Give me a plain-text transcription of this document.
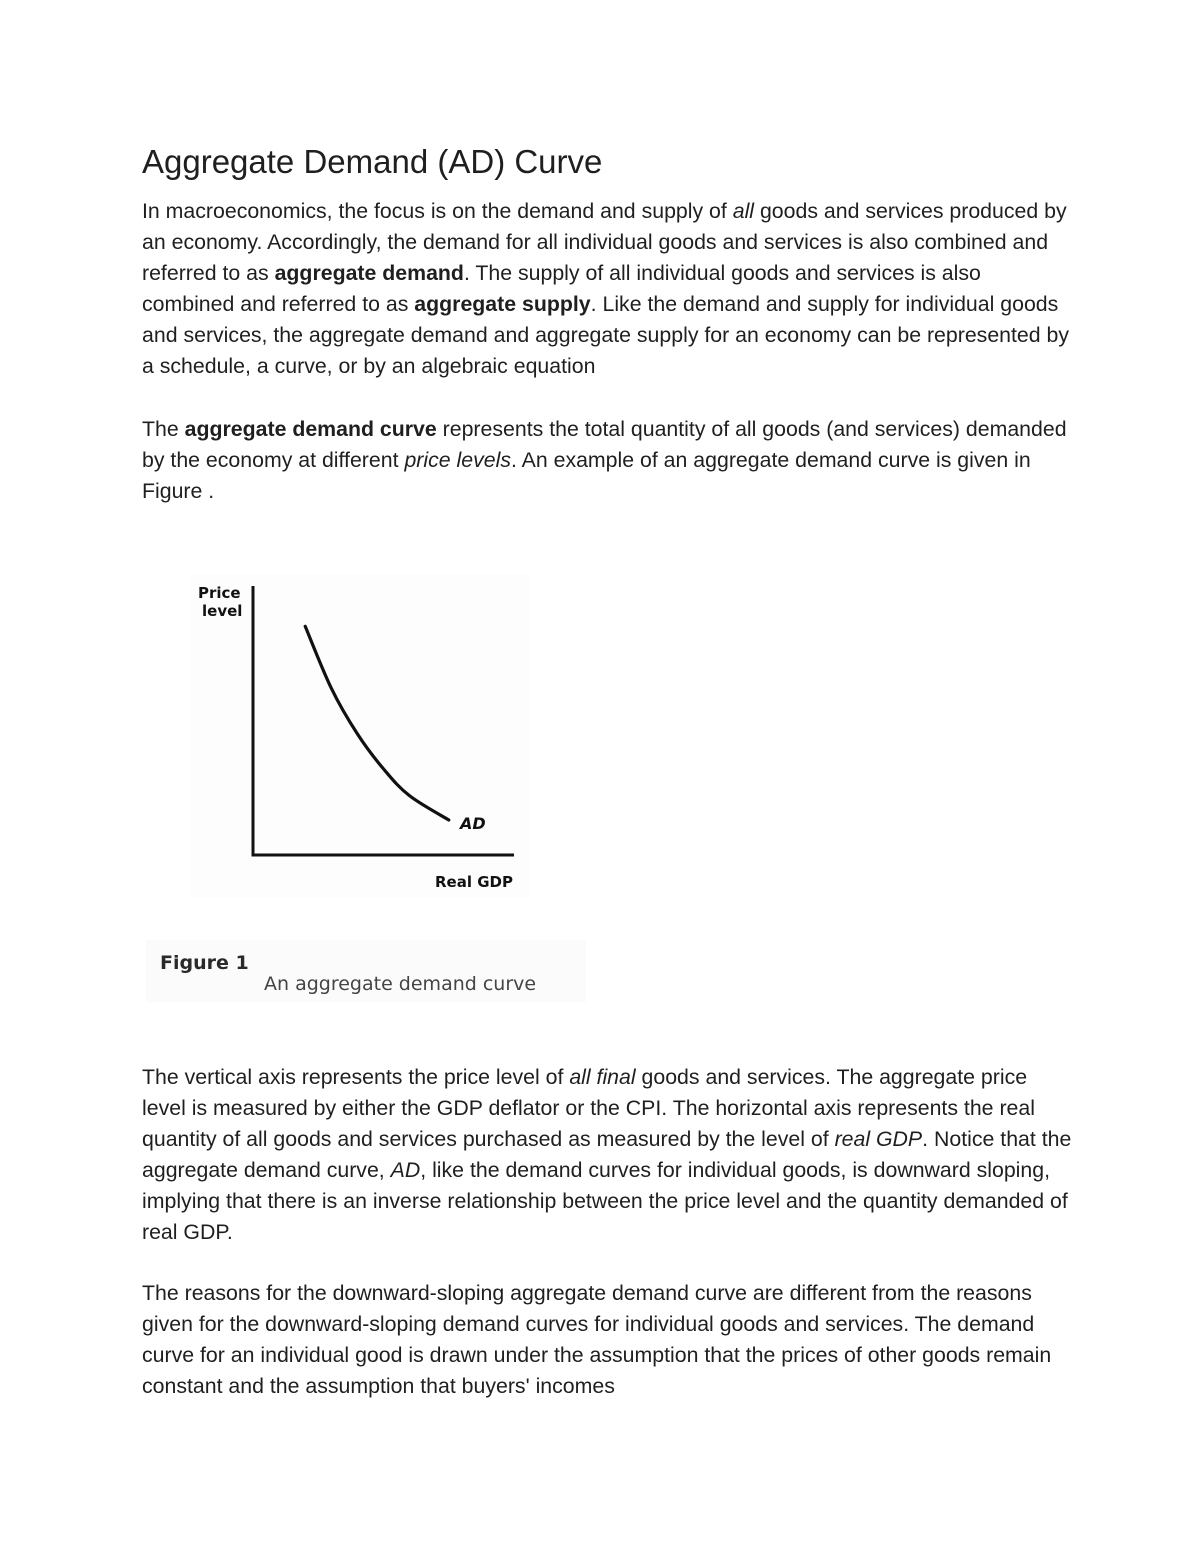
Aggregate Demand (AD) Curve

In macroeconomics, the focus is on the demand and supply of all goods and services produced by an economy. Accordingly, the demand for all individual goods and services is also combined and referred to as aggregate demand. The supply of all individual goods and services is also combined and referred to as aggregate supply. Like the demand and supply for individual goods and services, the aggregate demand and aggregate supply for an economy can be represented by a schedule, a curve, or by an algebraic equation

The aggregate demand curve represents the total quantity of all goods (and services) demanded by the economy at different price levels. An example of an aggregate demand curve is given in Figure .

Price
level
AD
Real GDP
Figure 1
An aggregate demand curve

The vertical axis represents the price level of all final goods and services. The aggregate price level is measured by either the GDP deflator or the CPI. The horizontal axis represents the real quantity of all goods and services purchased as measured by the level of real GDP. Notice that the aggregate demand curve, AD, like the demand curves for individual goods, is downward sloping, implying that there is an inverse relationship between the price level and the quantity demanded of real GDP.

The reasons for the downward-sloping aggregate demand curve are different from the reasons given for the downward-sloping demand curves for individual goods and services. The demand curve for an individual good is drawn under the assumption that the prices of other goods remain constant and the assumption that buyers' incomes
